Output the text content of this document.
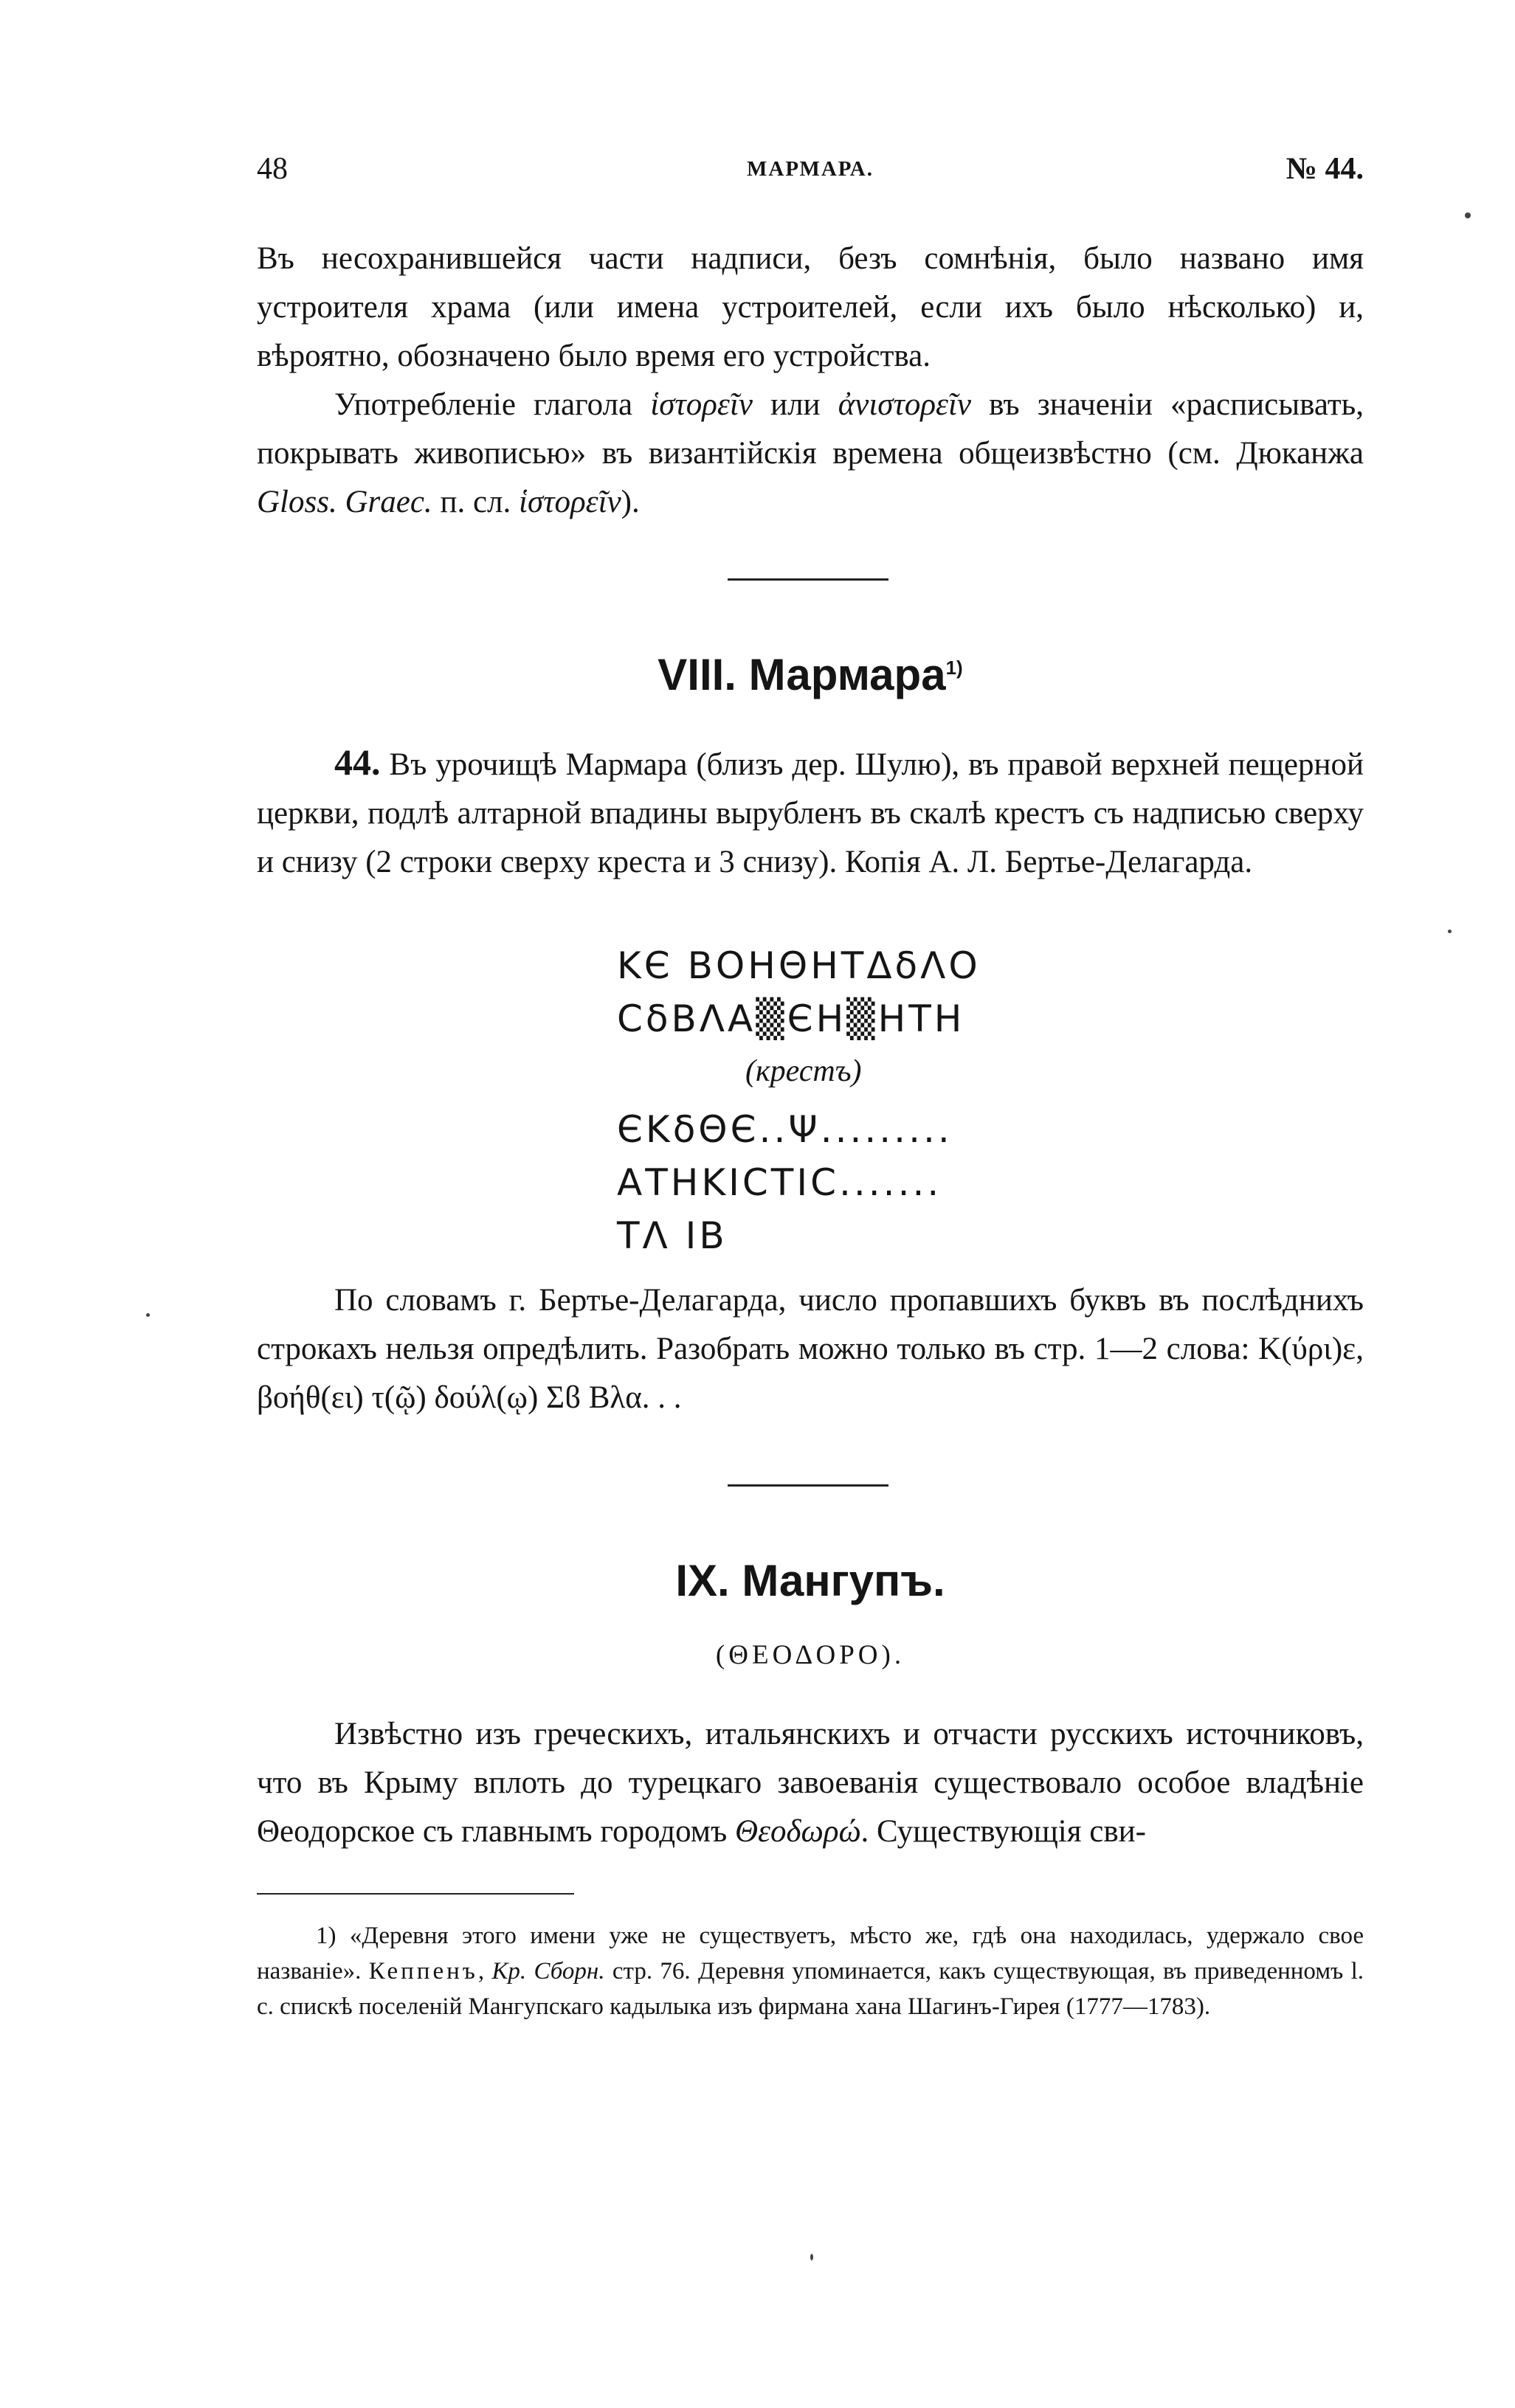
48	МАРМАРА.	№ 44.

Въ несохранившейся части надписи, безъ сомнѣнія, было названо имя устроителя храма (или имена устроителей, если ихъ было нѣсколько) и, вѣроятно, обозначено было время его устройства.

Употребленіе глагола ἱστορεῖν или ἀνιστορεῖν въ значеніи «расписывать, покрывать живописью» въ византійскія времена общеизвѣстно (см. Дюканжа Gloss. Graec. п. сл. ἱστορεῖν).

VIII. Мармара$^{1)}$

44. Въ урочищѣ Мармара (близъ дер. Шулю), въ правой верхней пещерной церкви, подлѣ алтарной впадины вырубленъ въ скалѣ крестъ съ надписью сверху и снизу (2 строки сверху креста и 3 снизу). Копія А. Л. Бертье-Делагарда.

ΚЄ ΒΟΗΘΗΤΔδΛΟ
CδΒΛΑ▒ЄΗ▒ΗΤΗ
(крестъ)
ЄΚδΘЄ..Ψ.........
ΑΤΗΚΙCΤΙC.......
ΤΛ ΙΒ

По словамъ г. Бертье-Делагарда, число пропавшихъ буквъ въ послѣднихъ строкахъ нельзя опредѣлить. Разобрать можно только въ стр. 1—2 слова: Κ(ύρι)ε, βοήθ(ει) τ(ῷ) δούλ(ῳ) Σϐ Βλα. . .

IX. Мангупъ.
(ΘΕΟΔΟΡΟ).

Извѣстно изъ греческихъ, итальянскихъ и отчасти русскихъ источниковъ, что въ Крыму вплоть до турецкаго завоеванія существовало особое владѣніе Θеодорское съ главнымъ городомъ Θεοδωρώ. Существующія сви-

1) «Деревня этого имени уже не существуетъ, мѣсто же, гдѣ она находилась, удержало свое названіе». Кеппенъ, Кр. Сборн. стр. 76. Деревня упоминается, какъ существующая, въ приведенномъ l. c. спискѣ поселеній Мангупскаго кадылыка изъ фирмана хана Шагинъ-Гирея (1777—1783).
